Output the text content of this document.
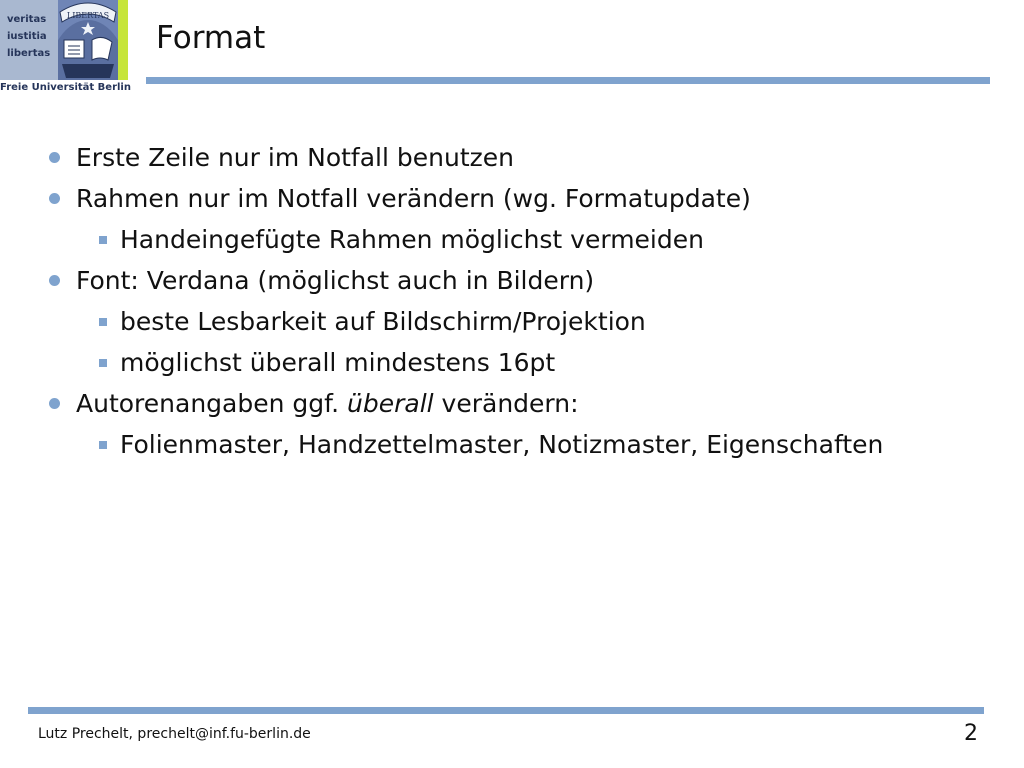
veritas
iustitia
libertas
LIBERTAS
Freie Universität Berlin
Format
Erste Zeile nur im Notfall benutzen
Rahmen nur im Notfall verändern (wg. Formatupdate)
Handeingefügte Rahmen möglichst vermeiden
Font: Verdana (möglichst auch in Bildern)
beste Lesbarkeit auf Bildschirm/Projektion
möglichst überall mindestens 16pt
Autorenangaben ggf. überall verändern:
Folienmaster, Handzettelmaster, Notizmaster, Eigenschaften
Lutz Prechelt, prechelt@inf.fu-berlin.de	2
